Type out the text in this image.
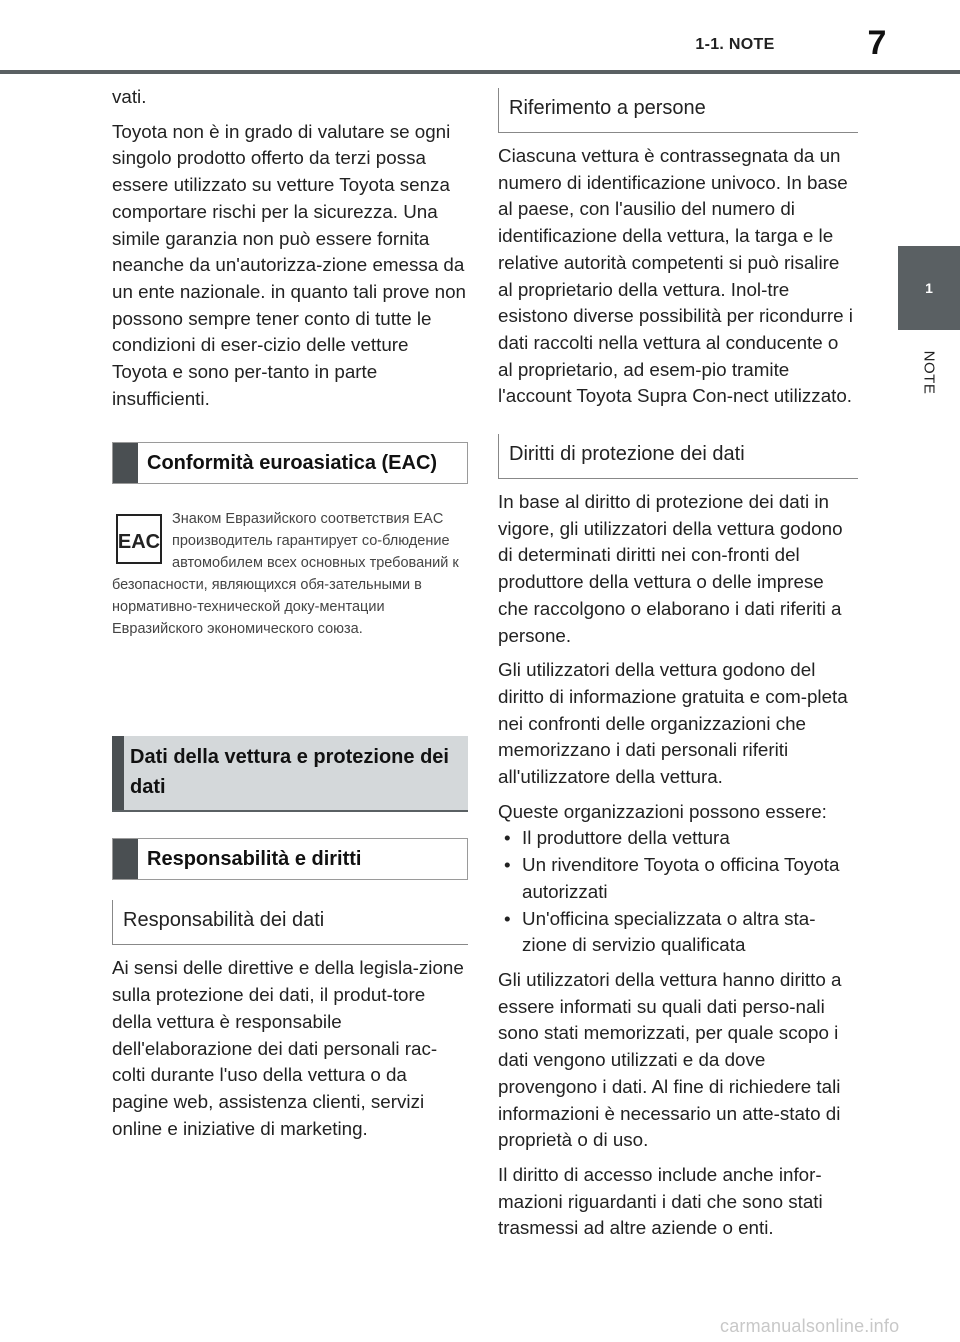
1-1. NOTE	7
1
NOTE

vati.

Toyota non è in grado di valutare se ogni singolo prodotto offerto da terzi possa essere utilizzato su vetture Toyota senza comportare rischi per la sicurezza. Una simile garanzia non può essere fornita neanche da un'autorizza-zione emessa da un ente nazionale. in quanto tali prove non possono sempre tener conto di tutte le condizioni di eser-cizio delle vetture Toyota e sono per-tanto in parte insufficienti.

Conformità euroasiatica (EAC)
EAC
Знаком Евразийского соответствия EAC производитель гарантирует со-блюдение автомобилем всех основных требований к безопасности, являющихся обя-зательными в нормативно-технической доку-ментации Евразийского экономического союза.
Dati della vettura e protezione dei dati
Responsabilità e diritti
Responsabilità dei dati

Ai sensi delle direttive e della legisla-zione sulla protezione dei dati, il produt-tore della vettura è responsabile dell'elaborazione dei dati personali rac-colti durante l'uso della vettura o da pagine web, assistenza clienti, servizi online e iniziative di marketing.

Riferimento a persone

Ciascuna vettura è contrassegnata da un numero di identificazione univoco. In base al paese, con l'ausilio del numero di identificazione della vettura, la targa e le relative autorità competenti si può risalire al proprietario della vettura. Inol-tre esistono diverse possibilità per ricondurre i dati raccolti nella vettura al conducente o al proprietario, ad esem-pio tramite l'account Toyota Supra Con-nect utilizzato.

Diritti di protezione dei dati

In base al diritto di protezione dei dati in vigore, gli utilizzatori della vettura godono di determinati diritti nei con-fronti del produttore della vettura o delle imprese che raccolgono o elaborano i dati riferiti a persone.

Gli utilizzatori della vettura godono del diritto di informazione gratuita e com-pleta nei confronti delle organizzazioni che memorizzano i dati personali riferiti all'utilizzatore della vettura.

Queste organizzazioni possono essere:

• Il produttore della vettura
• Un rivenditore Toyota o officina Toyota autorizzati
• Un'officina specializzata o altra sta-zione di servizio qualificata

Gli utilizzatori della vettura hanno diritto a essere informati su quali dati perso-nali sono stati memorizzati, per quale scopo i dati vengono utilizzati e da dove provengono i dati. Al fine di richiedere tali informazioni è necessario un atte-stato di proprietà o di uso.

Il diritto di accesso include anche infor-mazioni riguardanti i dati che sono stati trasmessi ad altre aziende o enti.

carmanualsonline.info
